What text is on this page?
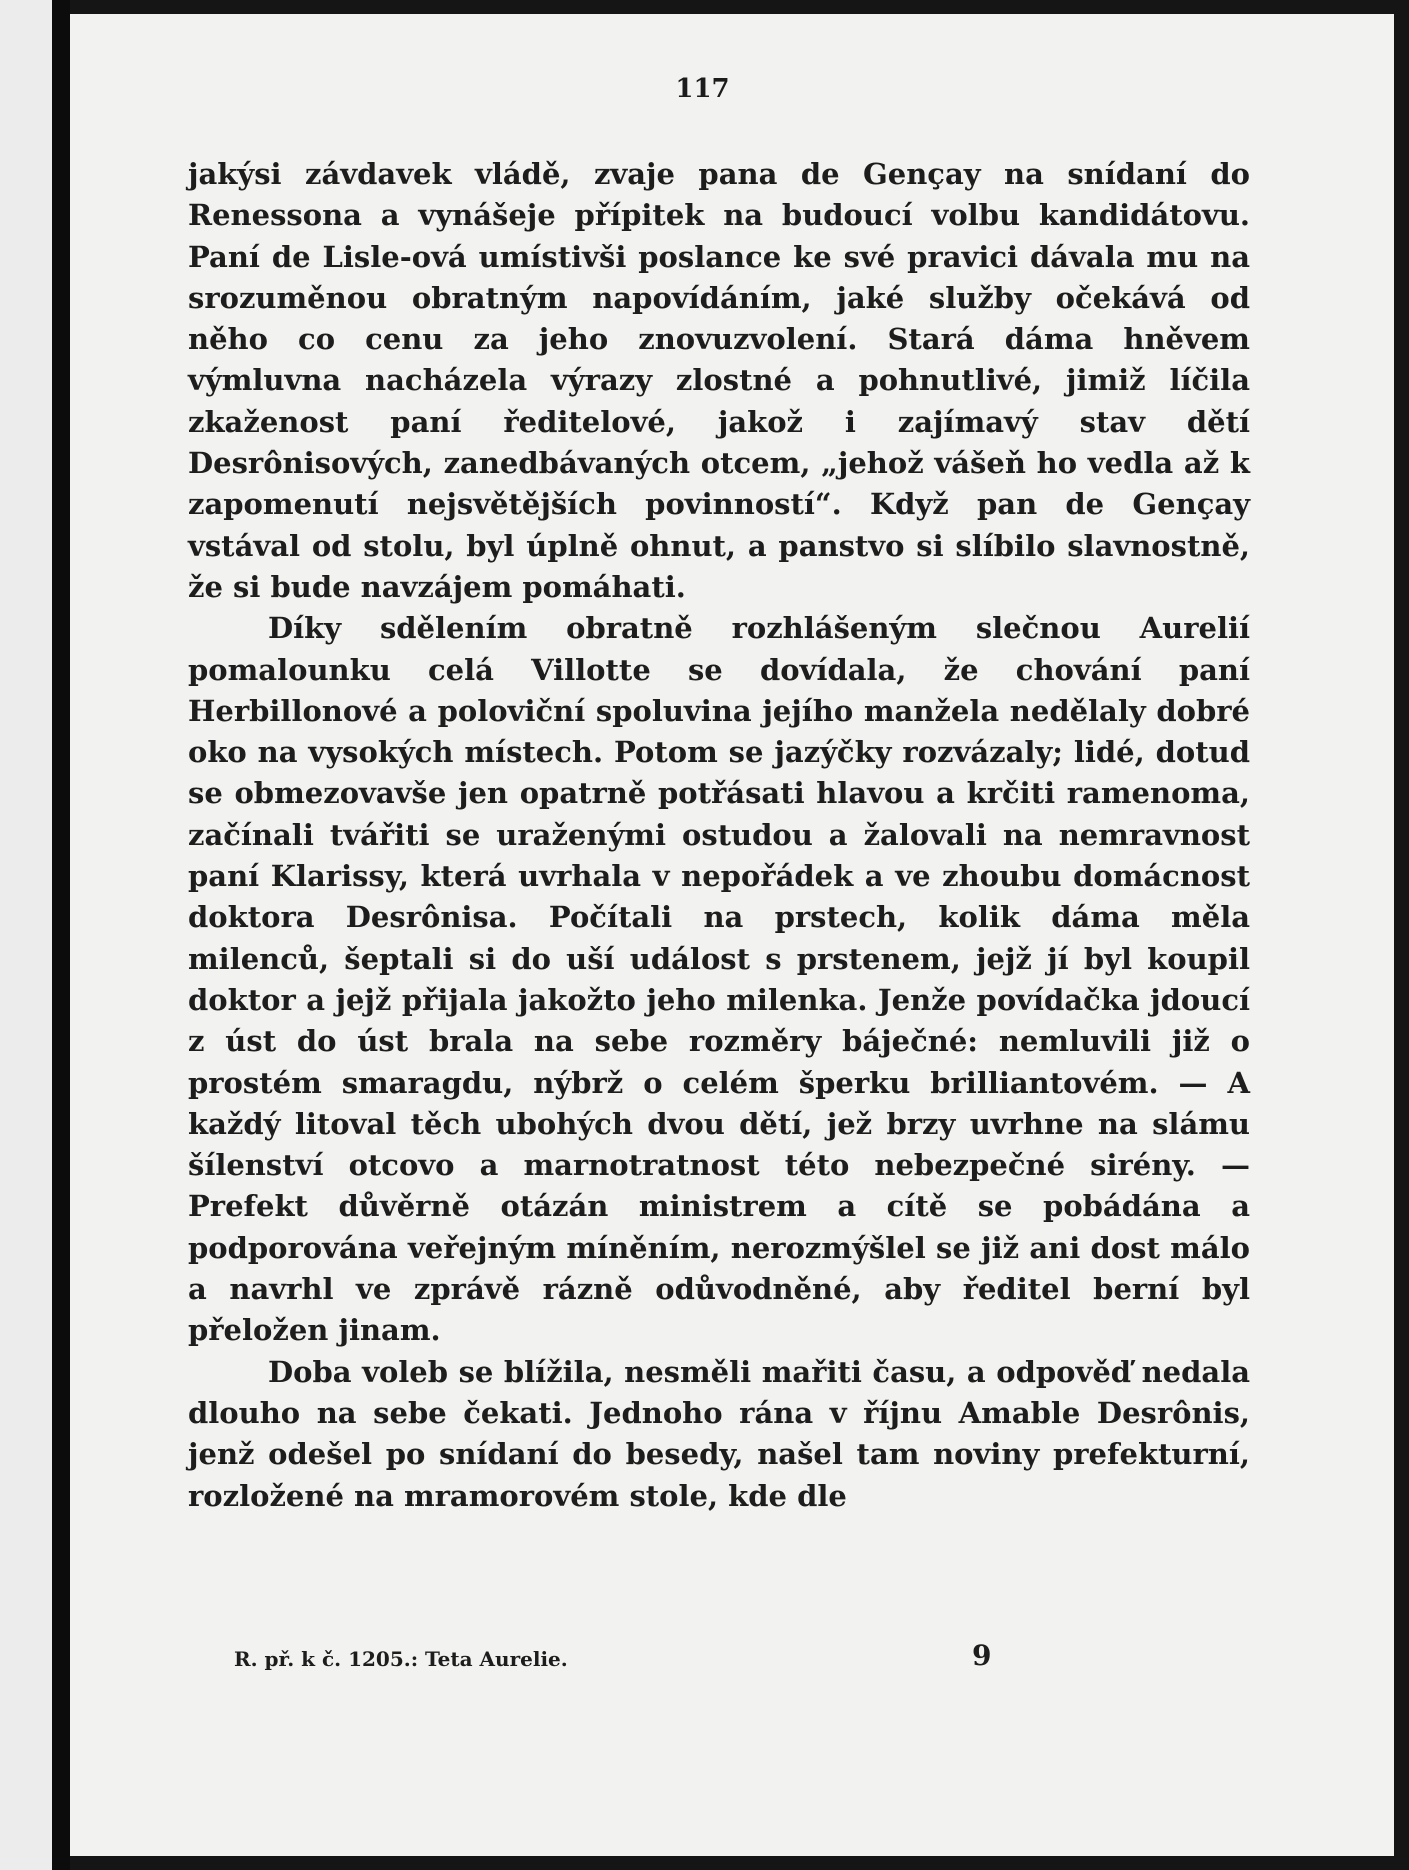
117

jakýsi závdavek vládě, zvaje pana de Gençay na snídaní do Renessona a vynášeje přípitek na budoucí volbu kandidátovu. Paní de Lisle-ová umístivši poslance ke své pravici dávala mu na srozuměnou obratným napovídáním, jaké služby očekává od něho co cenu za jeho znovuzvolení. Stará dáma hněvem výmluvna nacházela výrazy zlostné a pohnutlivé, jimiž líčila zkaženost paní ředitelové, jakož i zajímavý stav dětí Desrônisových, zanedbávaných otcem, „jehož vášeň ho vedla až k zapomenutí nejsvětějších povinností“. Když pan de Gençay vstával od stolu, byl úplně ohnut, a panstvo si slíbilo slavnostně, že si bude navzájem pomáhati.

Díky sdělením obratně rozhlášeným slečnou Aurelií pomalounku celá Villotte se dovídala, že chování paní Herbillonové a poloviční spoluvina jejího manžela nedělaly dobré oko na vysokých místech. Potom se jazýčky rozvázaly; lidé, dotud se obmezovavše jen opatrně potřásati hlavou a krčiti ramenoma, začínali tvářiti se uraženými ostudou a žalovali na nemravnost paní Klarissy, která uvrhala v nepořádek a ve zhoubu domácnost doktora Desrônisa. Počítali na prstech, kolik dáma měla milenců, šeptali si do uší událost s prstenem, jejž jí byl koupil doktor a jejž přijala jakožto jeho milenka. Jenže povídačka jdoucí z úst do úst brala na sebe rozměry báječné: nemluvili již o prostém smaragdu, nýbrž o celém šperku brilliantovém. — A každý litoval těch ubohých dvou dětí, jež brzy uvrhne na slámu šílenství otcovo a marnotratnost této nebezpečné sirény. — Prefekt důvěrně otázán ministrem a cítě se pobádána a podporována veřejným míněním, nerozmýšlel se již ani dost málo a navrhl ve zprávě rázně odůvodněné, aby ředitel berní byl přeložen jinam.

Doba voleb se blížila, nesměli mařiti času, a odpověď nedala dlouho na sebe čekati. Jednoho rána v říjnu Amable Desrônis, jenž odešel po snídaní do besedy, našel tam noviny prefekturní, rozložené na mramorovém stole, kde dle

R. př. k č. 1205.: Teta Aurelie.	9
